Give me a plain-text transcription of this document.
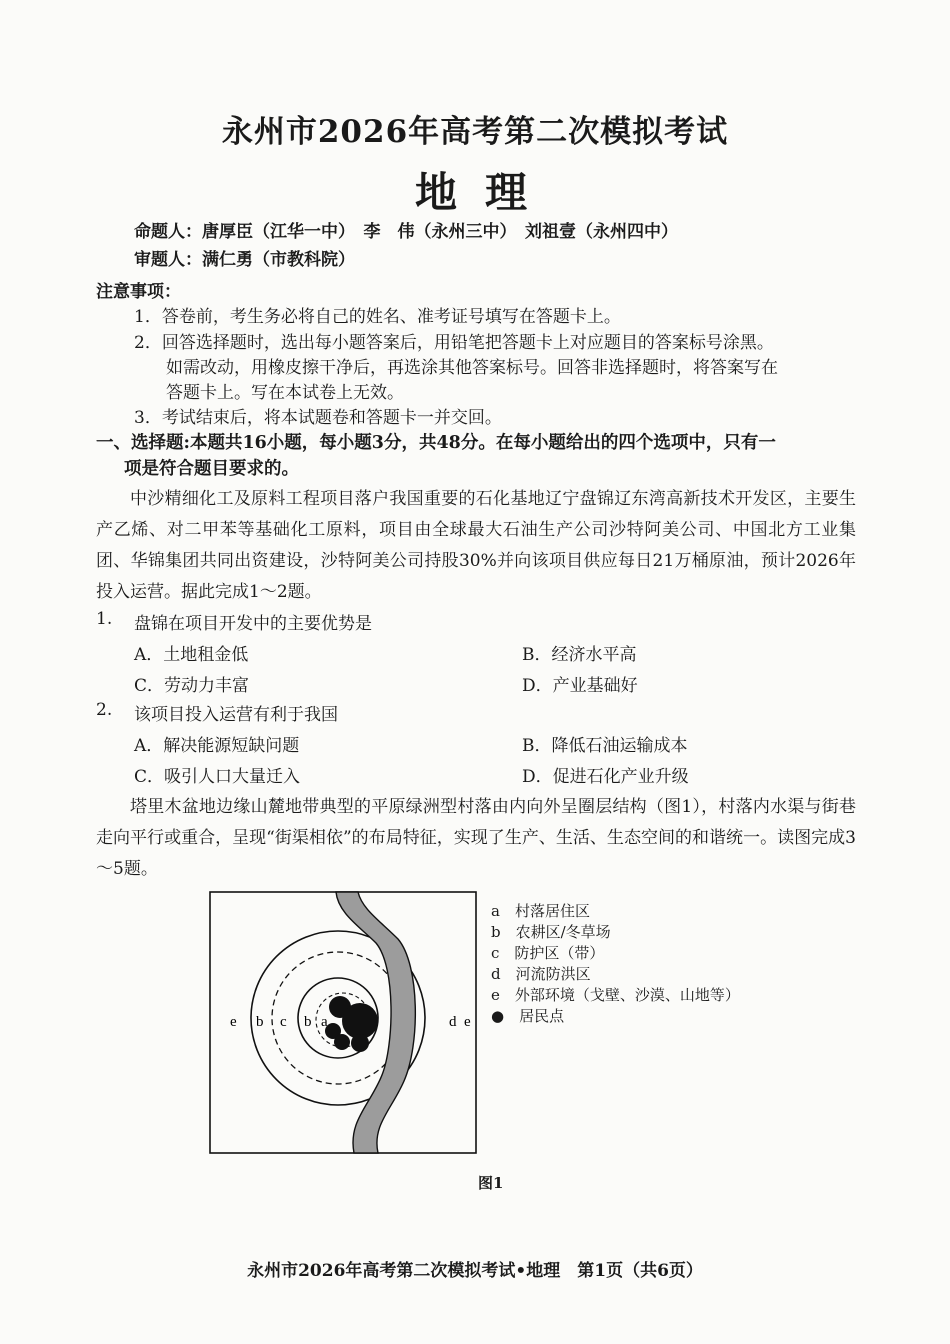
永州市2026年高考第二次模拟考试
地理
命题人：唐厚臣（江华一中）　李　伟（永州三中）　刘祖壹（永州四中）
审题人：满仁勇（市教科院）
注意事项：
1．答卷前，考生务必将自己的姓名、准考证号填写在答题卡上。
2．回答选择题时，选出每小题答案后，用铅笔把答题卡上对应题目的答案标号涂黑。
如需改动，用橡皮擦干净后，再选涂其他答案标号。回答非选择题时，将答案写在
答题卡上。写在本试卷上无效。
3．考试结束后，将本试题卷和答题卡一并交回。
一、选择题:本题共16小题，每小题3分，共48分。在每小题给出的四个选项中，只有一
项是符合题目要求的。
中沙精细化工及原料工程项目落户我国重要的石化基地辽宁盘锦辽东湾高新技术开发区，主要生产乙烯、对二甲苯等基础化工原料，项目由全球最大石油生产公司沙特阿美公司、中国北方工业集团、华锦集团共同出资建设，沙特阿美公司持股30%并向该项目供应每日21万桶原油，预计2026年投入运营。据此完成1～2题。
1. 盘锦在项目开发中的主要优势是
A．土地租金低	B．经济水平高
C．劳动力丰富	D．产业基础好
2. 该项目投入运营有利于我国
A．解决能源短缺问题	B．降低石油运输成本
C．吸引人口大量迁入	D．促进石化产业升级
塔里木盆地边缘山麓地带典型的平原绿洲型村落由内向外呈圈层结构（图1），村落内水渠与街巷走向平行或重合，呈现“街渠相依”的布局特征，实现了生产、生活、生态空间的和谐统一。读图完成3～5题。
e b c b a	d e
a　 村落居住区
b　 农耕区/冬草场
c　 防护区（带）
d　 河流防洪区
e　 外部环境（戈壁、沙漠、山地等）
●　 居民点
图1
永州市2026年高考第二次模拟考试•地理　第1页（共6页）
